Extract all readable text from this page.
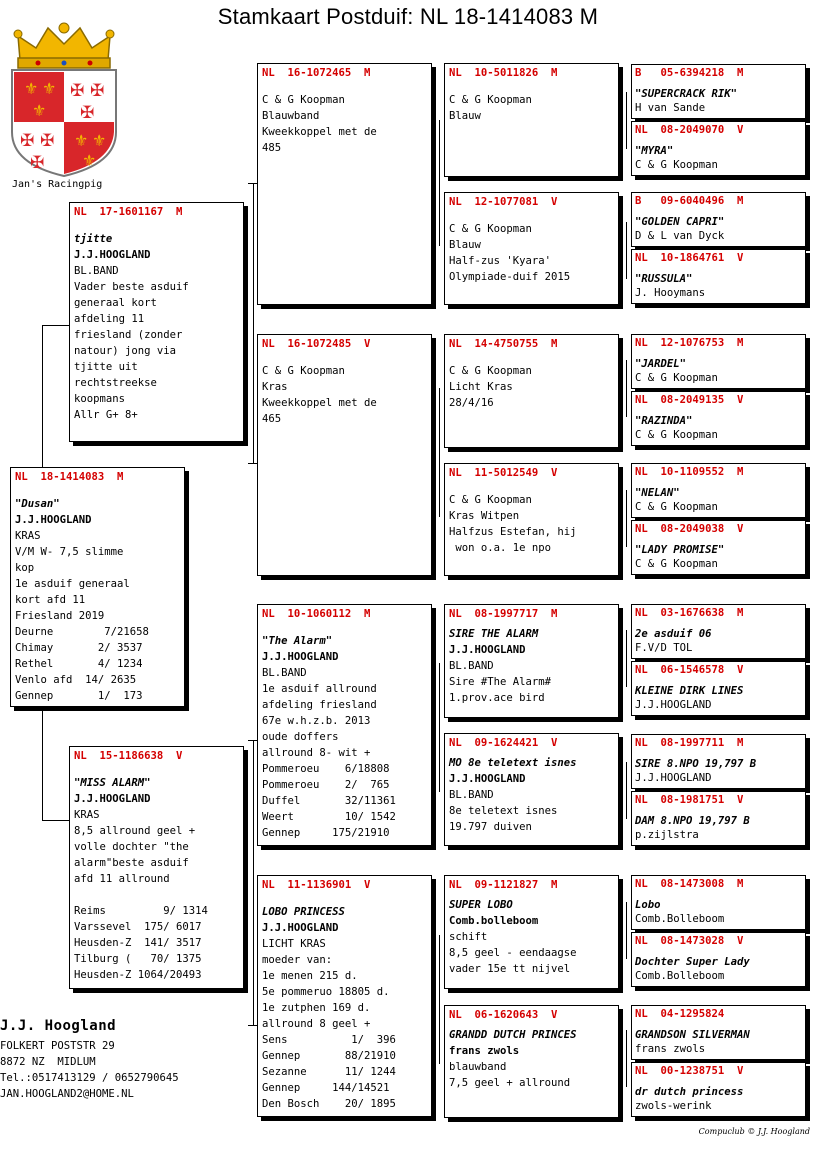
Stamkaart Postduif: NL 18-1414083 M
⚜ ⚜
⚜
⚜ ⚜
⚜
✠ ✠
✠
✠ ✠
✠
Jan's Racingpig
NL  18-1414083  M
"Dusan"
J.J.HOOGLAND
KRAS
V/M W- 7,5 slimme
kop
1e asduif generaal
kort afd 11
Friesland 2019
Deurne        7/21658
Chimay       2/ 3537
Rethel       4/ 1234
Venlo afd  14/ 2635
Gennep       1/  173
NL  17-1601167  M
tjitte
J.J.HOOGLAND
BL.BAND
Vader beste asduif
generaal kort
afdeling 11
friesland (zonder
natour) jong via
tjitte uit
rechtstreekse
koopmans
Allr G+ 8+
NL  15-1186638  V
"MISS ALARM"
J.J.HOOGLAND
KRAS
8,5 allround geel +
volle dochter "the
alarm"beste asduif
afd 11 allround
Reims         9/ 1314
Varssevel  175/ 6017
Heusden-Z  141/ 3517
Tilburg (   70/ 1375
Heusden-Z 1064/20493
NL  16-1072465  M
C & G Koopman
Blauwband
Kweekkoppel met de
485
NL  16-1072485  V
C & G Koopman
Kras
Kweekkoppel met de
465
NL  10-1060112  M
"The Alarm"
J.J.HOOGLAND
BL.BAND
1e asduif allround
afdeling friesland
67e w.h.z.b. 2013
oude doffers
allround 8- wit +
Pommeroeu    6/18808
Pommeroeu    2/  765
Duffel       32/11361
Weert        10/ 1542
Gennep     175/21910
NL  11-1136901  V
LOBO PRINCESS
J.J.HOOGLAND
LICHT KRAS
moeder van:
1e menen 215 d.
5e pommeruo 18805 d.
1e zutphen 169 d.
allround 8 geel +
Sens          1/  396
Gennep       88/21910
Sezanne      11/ 1244
Gennep     144/14521
Den Bosch    20/ 1895
NL  10-5011826  M
C & G Koopman
Blauw
NL  12-1077081  V
C & G Koopman
Blauw
Half-zus 'Kyara'
Olympiade-duif 2015
NL  14-4750755  M
C & G Koopman
Licht Kras
28/4/16
NL  11-5012549  V
C & G Koopman
Kras Witpen
Halfzus Estefan, hij
won o.a. 1e npo
NL  08-1997717  M
SIRE THE ALARM
J.J.HOOGLAND
BL.BAND
Sire #The Alarm#
1.prov.ace bird
NL  09-1624421  V
MO 8e teletext isnes
J.J.HOOGLAND
BL.BAND
8e teletext isnes
19.797 duiven
NL  09-1121827  M
SUPER LOBO
Comb.bolleboom
schift
8,5 geel - eendaagse
vader 15e tt nijvel
NL  06-1620643  V
GRANDD DUTCH PRINCES
frans zwols
blauwband
7,5 geel + allround
B   05-6394218  M
"SUPERCRACK RIK"
H van Sande
NL  08-2049070  V
"MYRA"
C & G Koopman
B   09-6040496  M
"GOLDEN CAPRI"
D & L van Dyck
NL  10-1864761  V
"RUSSULA"
J. Hooymans
NL  12-1076753  M
"JARDEL"
C & G Koopman
NL  08-2049135  V
"RAZINDA"
C & G Koopman
NL  10-1109552  M
"NELAN"
C & G Koopman
NL  08-2049038  V
"LADY PROMISE"
C & G Koopman
NL  03-1676638  M
2e asduif 06
F.V/D TOL
NL  06-1546578  V
KLEINE DIRK LINES
J.J.HOOGLAND
NL  08-1997711  M
SIRE 8.NPO 19,797 B
J.J.HOOGLAND
NL  08-1981751  V
DAM 8.NPO 19,797 B
p.zijlstra
NL  08-1473008  M
Lobo
Comb.Bolleboom
NL  08-1473028  V
Dochter Super Lady
Comb.Bolleboom
NL  04-1295824
GRANDSON SILVERMAN
frans zwols
NL  00-1238751  V
dr dutch princess
zwols-werink
J.J. Hoogland
FOLKERT POSTSTR 29
8872 NZ  MIDLUM
Tel.:0517413129 / 0652790645
JAN.HOOGLAND2@HOME.NL
Compuclub © J.J. Hoogland
